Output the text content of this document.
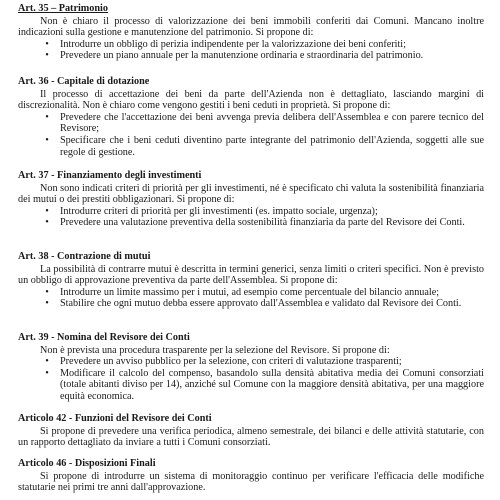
Art. 35 – Patrimonio

Non è chiaro il processo di valorizzazione dei beni immobili conferiti dai Comuni. Mancano inoltre indicazioni sulla gestione e manutenzione del patrimonio. Si propone di:

•	Introdurre un obbligo di perizia indipendente per la valorizzazione dei beni conferiti;
•	Prevedere un piano annuale per la manutenzione ordinaria e straordinaria del patrimonio.
Art. 36 - Capitale di dotazione

Il processo di accettazione dei beni da parte dell'Azienda non è dettagliato, lasciando margini di discrezionalità. Non è chiaro come vengono gestiti i beni ceduti in proprietà. Si propone di:

•	Prevedere che l'accettazione dei beni avvenga previa delibera dell'Assemblea e con parere tecnico del Revisore;
•	Specificare che i beni ceduti diventino parte integrante del patrimonio dell'Azienda, soggetti alle sue regole di gestione.
Art. 37 - Finanziamento degli investimenti

Non sono indicati criteri di priorità per gli investimenti, né è specificato chi valuta la sostenibilità finanziaria dei mutui o dei prestiti obbligazionari. Si propone di:

•	Introdurre criteri di priorità per gli investimenti (es. impatto sociale, urgenza);
•	Prevedere una valutazione preventiva della sostenibilità finanziaria da parte del Revisore dei Conti.
Art. 38 - Contrazione di mutui

La possibilità di contrarre mutui è descritta in termini generici, senza limiti o criteri specifici. Non è previsto un obbligo di approvazione preventiva da parte dell'Assemblea. Si propone di:

•	Introdurre un limite massimo per i mutui, ad esempio come percentuale del bilancio annuale;
•	Stabilire che ogni mutuo debba essere approvato dall'Assemblea e validato dal Revisore dei Conti.
Art. 39 - Nomina del Revisore dei Conti

Non è prevista una procedura trasparente per la selezione del Revisore. Si propone di:

•	Prevedere un avviso pubblico per la selezione, con criteri di valutazione trasparenti;
•	Modificare il calcolo del compenso, basandolo sulla densità abitativa media dei Comuni consorziati (totale abitanti diviso per 14), anziché sul Comune con la maggiore densità abitativa, per una maggiore equità economica.
Articolo 42 - Funzioni del Revisore dei Conti

Si propone di prevedere una verifica periodica, almeno semestrale, dei bilanci e delle attività statutarie, con un rapporto dettagliato da inviare a tutti i Comuni consorziati.

Articolo 46 - Disposizioni Finali

Si propone di introdurre un sistema di monitoraggio continuo per verificare l'efficacia delle modifiche statutarie nei primi tre anni dall'approvazione.
